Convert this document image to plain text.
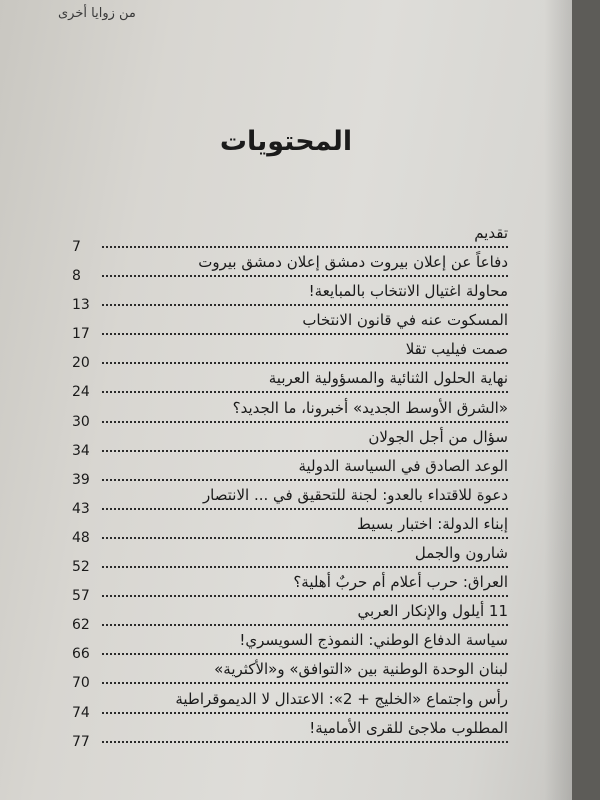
من زوايا أخرى
المحتويات
تقديم
7
دفاعاً عن إعلان بيروت دمشق إعلان دمشق بيروت
8
محاولة اغتيال الانتخاب بالمبايعة!
13
المسكوت عنه في قانون الانتخاب
17
صمت فيليب تقلا
20
نهاية الحلول الثنائية والمسؤولية العربية
24
«الشرق الأوسط الجديد» أخبرونا، ما الجديد؟
30
سؤال من أجل الجولان
34
الوعد الصادق في السياسة الدولية
39
دعوة للاقتداء بالعدو: لجنة للتحقيق في ... الانتصار
43
إبناء الدولة: اختبار بسيط
48
شارون والجمل
52
العراق: حرب أعلام أم حربٌ أهلية؟
57
11 أيلول والإنكار العربي
62
سياسة الدفاع الوطني: النموذج السويسري!
66
لبنان الوحدة الوطنية بين «التوافق» و«الأكثرية»
70
رأس واجتماع «الخليج + 2»: الاعتدال لا الديموقراطية
74
المطلوب ملاجئ للقرى الأمامية!
77
